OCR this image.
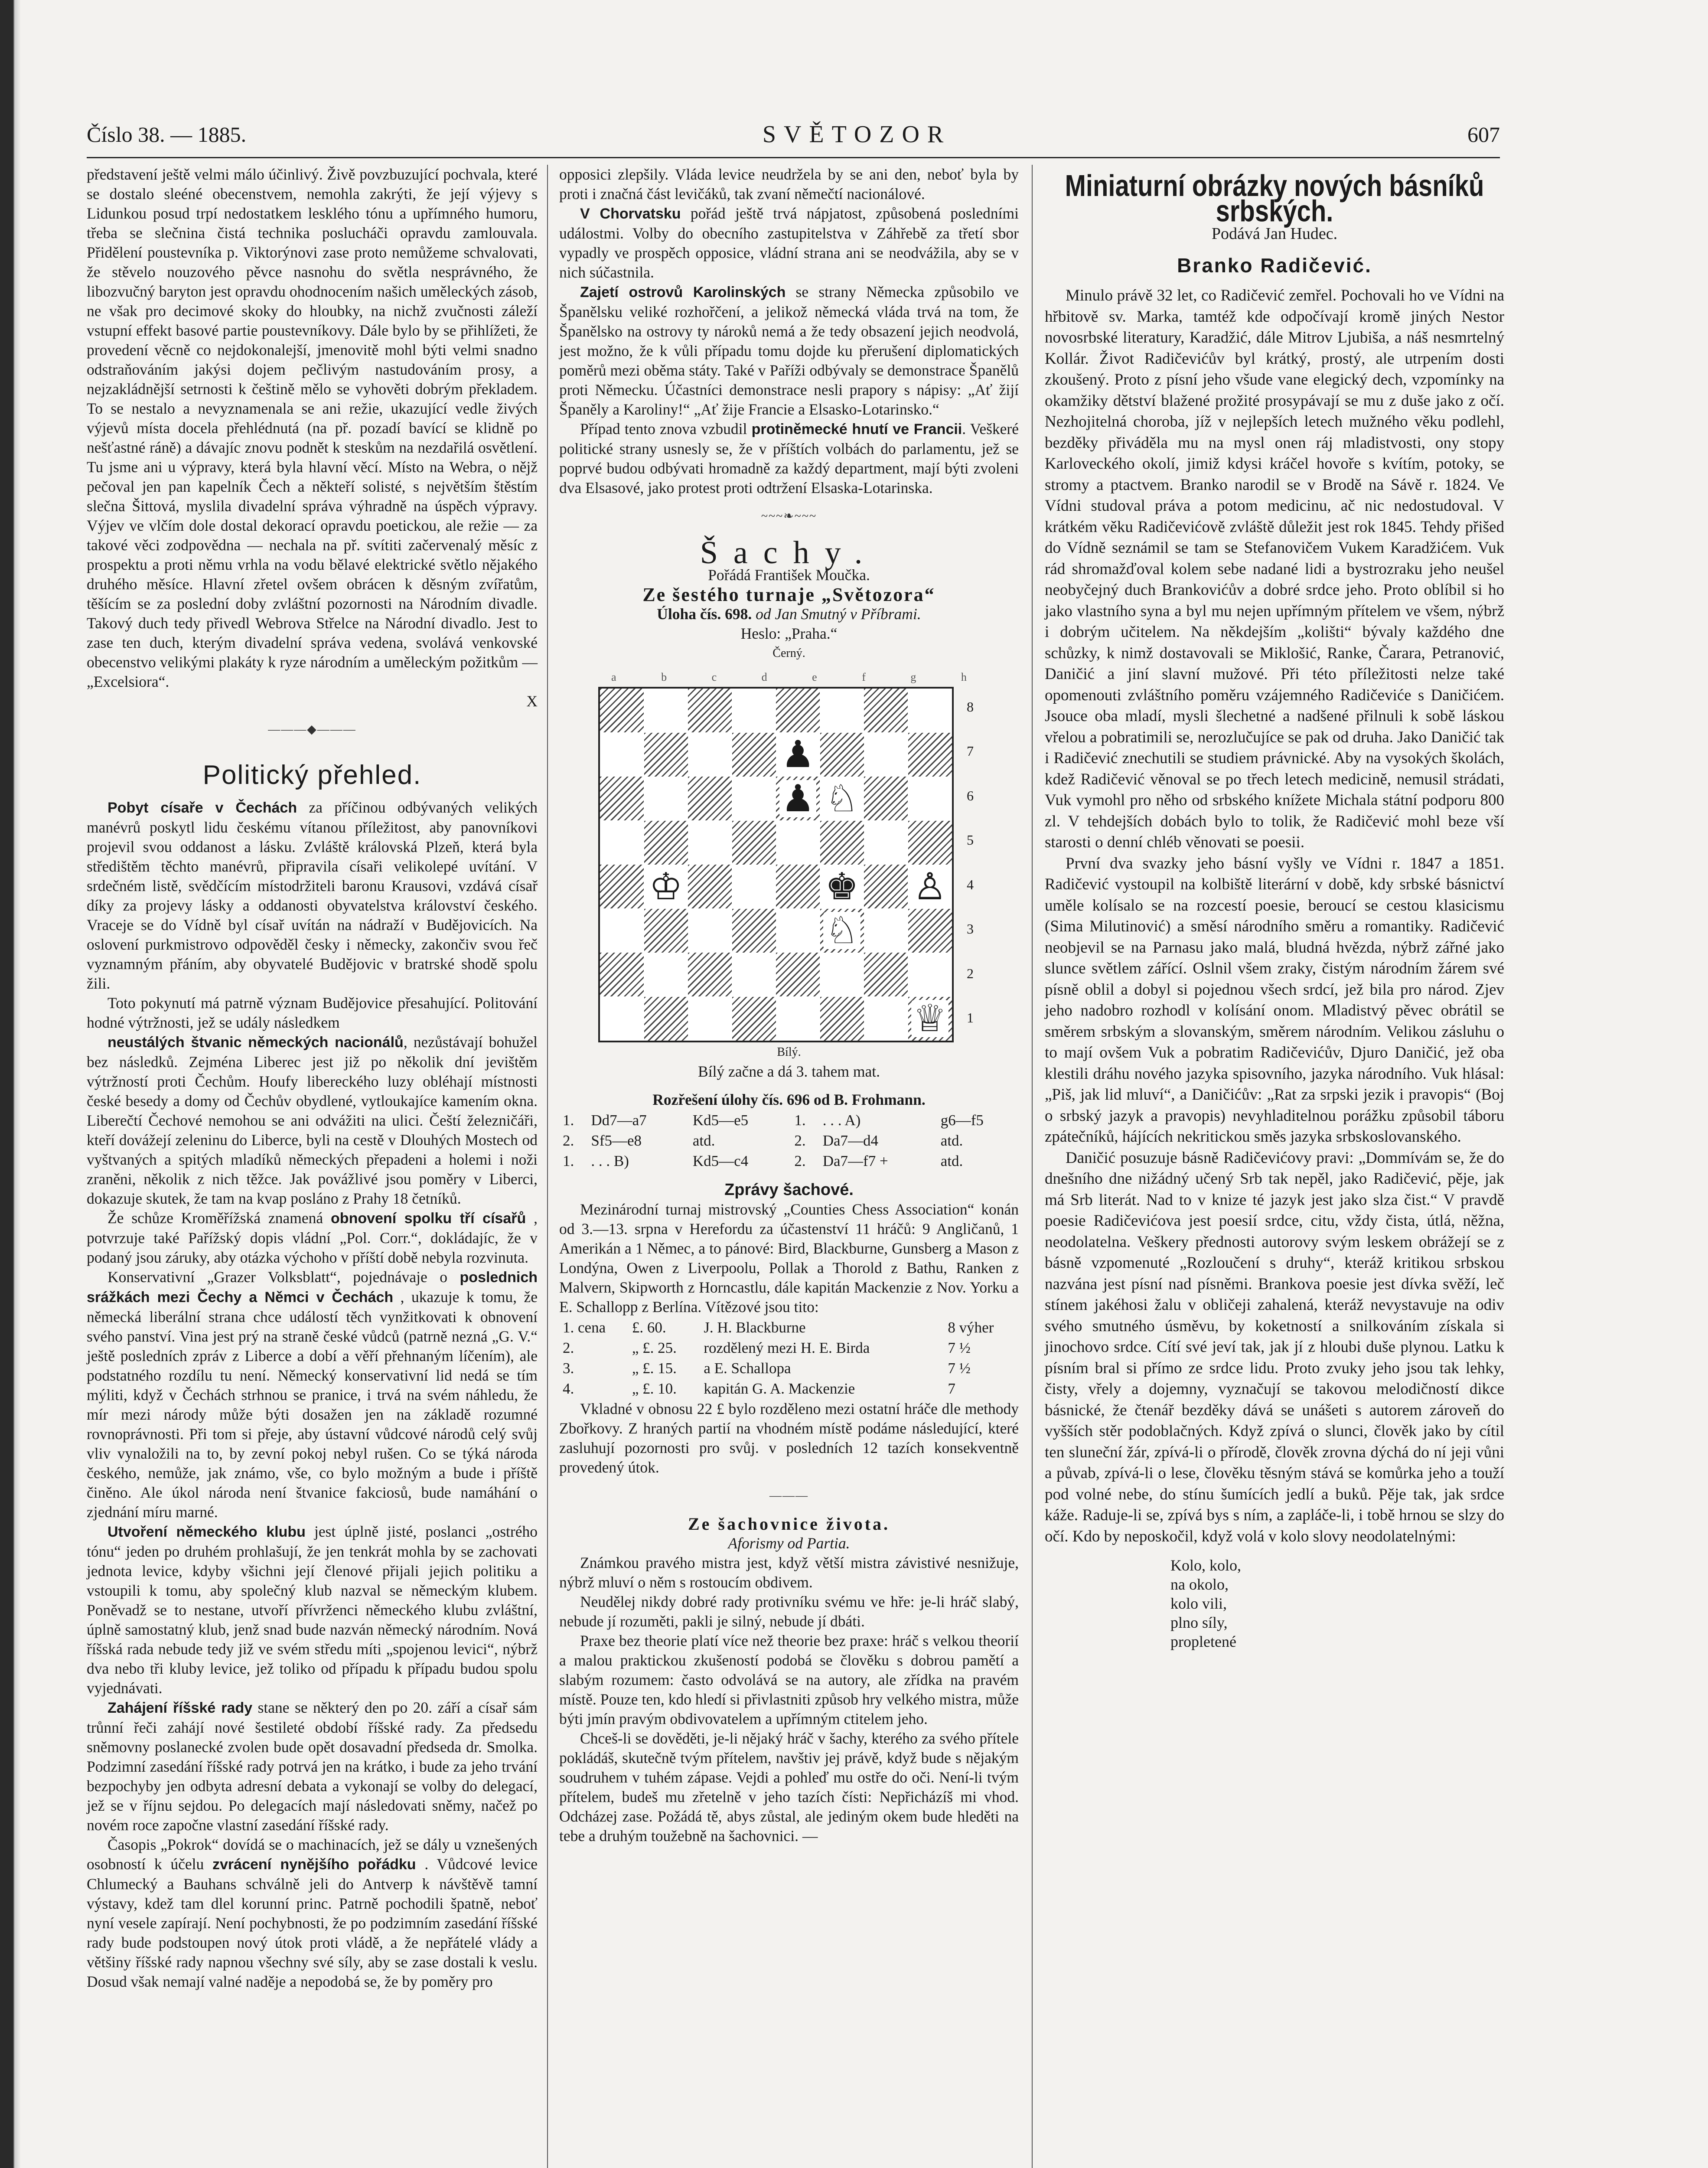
Číslo 38. — 1885.	SVĚTOZOR	607

představení ještě velmi málo účinlivý. Živě povzbuzující pochvala, které se dostalo sleéné obecenstvem, nemohla zakrýti, že její výjevy s Lidunkou posud trpí nedostatkem lesklého tónu a upřímného humoru, třeba se slečnina čistá technika poslucháči opravdu zamlouvala. Přidělení poustevníka p. Viktorýnovi zase proto nemůžeme schvalovati, že stěvelo nouzového pěvce nasnohu do světla nesprávného, že libozvučný baryton jest opravdu ohodnocením našich uměleckých zásob, ne však pro decimové skoky do hloubky, na nichž zvučnosti záleží vstupní effekt basové partie poustevníkovy. Dále bylo by se přihlížeti, že provedení věcně co nejdokonalejší, jmenovitě mohl býti velmi snadno odstraňováním jakýsi dojem pečlivým nastudováním prosy, a nejzakládnější setrnosti k češtině mělo se vyhověti dobrým překladem. To se nestalo a nevyznamenala se ani režie, ukazující vedle živých výjevů místa docela přehlédnutá (na př. pozadí bavící se klidně po nešťastné ráně) a dávajíc znovu podnět k steskům na nezdařilá osvětlení. Tu jsme ani u výpravy, která byla hlavní věcí. Místo na Webra, o nějž pečoval jen pan kapelník Čech a někteří solisté, s největším štěstím slečna Šittová, myslila divadelní správa výhradně na úspěch výpravy. Výjev ve vlčím dole dostal dekorací opravdu poetickou, ale režie — za takové věci zodpovědna — nechala na př. svítiti začervenalý měsíc z prospektu a proti němu vrhla na vodu bělavé elektrické světlo nějakého druhého měsíce. Hlavní zřetel ovšem obrácen k děsným zvířatům, těšícím se za poslední doby zvláštní pozornosti na Národním divadle. Takový duch tedy přivedl Webrova Střelce na Národní divadlo. Jest to zase ten duch, kterým divadelní správa vedena, svolává venkovské obecenstvo velikými plakáty k ryze národním a uměleckým požitkům — „Excelsiora“.

X
———◆———
Politický přehled.

Pobyt císaře v Čechách za příčinou odbývaných velikých manévrů poskytl lidu českému vítanou příležitost, aby panovníkovi projevil svou oddanost a lásku. Zvláště královská Plzeň, která byla středištěm těchto manévrů, připravila císaři velikolepé uvítání. V srdečném listě, svědčícím místodržiteli baronu Krausovi, vzdává císař díky za projevy lásky a oddanosti obyvatelstva království českého. Vraceje se do Vídně byl císař uvítán na nádraží v Budějovicích. Na oslovení purkmistrovo odpověděl česky i německy, zakončiv svou řeč vyznamným přáním, aby obyvatelé Budějovic v bratrské shodě spolu žili.

Toto pokynutí má patrně význam Budějovice přesahující. Politování hodné výtržnosti, jež se udály následkem

neustálých štvanic německých nacionálů, nezůstávají bohužel bez následků. Zejména Liberec jest již po několik dní jevištěm výtržností proti Čechům. Houfy libereckého luzy obléhají místnosti české besedy a domy od Čechův obydlené, vytloukajíce kamením okna. Liberečtí Čechové nemohou se ani odvážiti na ulici. Čeští železničáři, kteří dovážejí zeleninu do Liberce, byli na cestě v Dlouhých Mostech od vyštvaných a spitých mladíků německých přepadeni a holemi i noži zraněni, několik z nich těžce. Jak povážlivé jsou poměry v Liberci, dokazuje skutek, že tam na kvap posláno z Prahy 18 četníků.

Že schůze Kroměřížská znamená obnovení spolku tří císařů , potvrzuje také Pařížský dopis vládní „Pol. Corr.“, dokládajíc, že v podaný jsou záruky, aby otázka výchoho v příští době nebyla rozvinuta.

Konservativní „Grazer Volksblatt“, pojednávaje o poslednich srážkách mezi Čechy a Němci v Čechách , ukazuje k tomu, že německá liberální strana chce událostí těch vynžitkovati k obnovení svého panství. Vina jest prý na straně české vůdců (patrně nezná „G. V.“ ještě posledních zpráv z Liberce a dobí a věří přehnaným líčením), ale podstatného rozdílu tu není. Německý konservativní lid nedá se tím mýliti, když v Čechách strhnou se pranice, i trvá na svém náhledu, že mír mezi národy může býti dosažen jen na základě rozumné rovnoprávnosti. Při tom si přeje, aby ústavní vůdcové národů celý svůj vliv vynaložili na to, by zevní pokoj nebyl rušen. Co se týká národa českého, nemůže, jak známo, vše, co bylo možným a bude i příště činěno. Ale úkol národa není štvanice fakciosů, bude namáhání o zjednání míru marné.

Utvoření německého klubu jest úplně jisté, poslanci „ostrého tónu“ jeden po druhém prohlašují, že jen tenkrát mohla by se zachovati jednota levice, kdyby všichni její členové přijali jejich politiku a vstoupili k tomu, aby společný klub nazval se německým klubem. Poněvadž se to nestane, utvoří přívrženci německého klubu zvláštní, úplně samostatný klub, jenž snad bude nazván německý národním. Nová říšská rada nebude tedy již ve svém středu míti „spojenou levici“, nýbrž dva nebo tři kluby levice, jež toliko od případu k případu budou spolu vyjednávati.

Zahájení říšské rady stane se některý den po 20. září a císař sám trůnní řeči zahájí nové šestileté období říšské rady. Za předsedu sněmovny poslanecké zvolen bude opět dosavadní předseda dr. Smolka. Podzimní zasedání říšské rady potrvá jen na krátko, i bude za jeho trvání bezpochyby jen odbyta adresní debata a vykonají se volby do delegací, jež se v říjnu sejdou. Po delegacích mají následovati sněmy, načež po novém roce započne vlastní zasedání říšské rady.

Časopis „Pokrok“ dovídá se o machinacích, jež se dály u vznešených osobností k účelu zvrácení nynějšího pořádku . Vůdcové levice Chlumecký a Bauhans schválně jeli do Antverp k návštěvě tamní výstavy, kdež tam dlel korunní princ. Patrně pochodili špatně, neboť nyní vesele zapírají. Není pochybnosti, že po podzimním zasedání říšské rady bude podstoupen nový útok proti vládě, a že nepřátelé vlády a většiny říšské rady napnou všechny své síly, aby se zase dostali k veslu. Dosud však nemají valné naděje a nepodobá se, že by poměry pro

opposici zlepšily. Vláda levice neudržela by se ani den, neboť byla by proti i značná část levičáků, tak zvaní němečtí nacionálové.

V Chorvatsku pořád ještě trvá nápjatost, způsobená posledními událostmi. Volby do obecního zastupitelstva v Záhřebě za třetí sbor vypadly ve prospěch opposice, vládní strana ani se neodvážila, aby se v nich súčastnila.

Zajetí ostrovů Karolinských se strany Německa způsobilo ve Španělsku veliké rozhořčení, a jelikož německá vláda trvá na tom, že Španělsko na ostrovy ty nároků nemá a že tedy obsazení jejich neodvolá, jest možno, že k vůli případu tomu dojde ku přerušení diplomatických poměrů mezi oběma státy. Také v Paříži odbývaly se demonstrace Španělů proti Německu. Účastníci demonstrace nesli prapory s nápisy: „Ať žijí Španěly a Karoliny!“ „Ať žije Francie a Elsasko-Lotarinsko.“

Případ tento znova vzbudil protiněmecké hnutí ve Francii. Veškeré politické strany usnesly se, že v příštích volbách do parlamentu, jež se poprvé budou odbývati hromadně za každý department, mají býti zvoleni dva Elsasové, jako protest proti odtržení Elsaska-Lotarinska.

~~~❧~~~
Šachy.
Pořádá František Moučka.
Ze šestého turnaje „Světozora“
Úloha čís. 698. od Jan Smutný v Příbrami.
Heslo: „Praha.“
Černý.
a	b	c	d	e	f	g	h
♟
♟ ♘
♔	♚ ♙
♘
♕
8
7
6
5
4
3
2
1
Bílý.
Bílý začne a dá 3. tahem mat.
Rozřešení úlohy čís. 696 od B. Frohmann.
1.	Dd7—a7	Kd5—e5	1.	. . . A)	g6—f5
2.	Sf5—e8	atd.	2.	Da7—d4	atd.
1.	. . . B)	Kd5—c4	2.	Da7—f7 +	atd.
Zprávy šachové.

Mezinárodní turnaj mistrovský „Counties Chess Association“ konán od 3.—13. srpna v Herefordu za účastenství 11 hráčů: 9 Angličanů, 1 Amerikán a 1 Němec, a to pánové: Bird, Blackburne, Gunsberg a Mason z Londýna, Owen z Liverpoolu, Pollak a Thorold z Bathu, Ranken z Malvern, Skipworth z Horncastlu, dále kapitán Mackenzie z Nov. Yorku a E. Schallopp z Berlína. Vítězové jsou tito:

1. cena	£. 60.	J. H. Blackburne	8 výher
2.	„ £. 25.	rozdělený mezi H. E. Birda	7 ½
3.	„ £. 15.	a E. Schallopa	7 ½
4.	„ £. 10.	kapitán G. A. Mackenzie	7

Vkladné v obnosu 22 £ bylo rozděleno mezi ostatní hráče dle methody Zbořkovy. Z hraných partií na vhodném místě podáme následující, které zasluhují pozornosti pro svůj. v posledních 12 tazích konsekventně provedený útok.

———
Ze šachovnice života.
Aforismy od Partia.

Známkou pravého mistra jest, když větší mistra závistivé nesnižuje, nýbrž mluví o něm s rostoucím obdivem.

Neudělej nikdy dobré rady protivníku svému ve hře: je-li hráč slabý, nebude jí rozuměti, pakli je silný, nebude jí dbáti.

Praxe bez theorie platí více než theorie bez praxe: hráč s velkou theorií a malou praktickou zkušeností podobá se člověku s dobrou pamětí a slabým rozumem: často odvolává se na autory, ale zřídka na pravém místě. Pouze ten, kdo hledí si přivlastniti způsob hry velkého mistra, může býti jmín pravým obdivovatelem a upřímným ctitelem jeho.

Chceš-li se dověděti, je-li nějaký hráč v šachy, kterého za svého přítele pokládáš, skutečně tvým přítelem, navštiv jej právě, když bude s nějakým soudruhem v tuhém zápase. Vejdi a pohleď mu ostře do oči. Není-li tvým přítelem, budeš mu zřetelně v jeho tazích čísti: Nepřicházíš mi vhod. Odcházej zase. Požádá tě, abys zůstal, ale jediným okem bude hleděti na tebe a druhým toužebně na šachovnici. —

Miniaturní obrázky nových básníků srbských.
Podává Jan Hudec.
Branko Radičević.

Minulo právě 32 let, co Radičević zemřel. Pochovali ho ve Vídni na hřbitově sv. Marka, tamtéž kde odpočívají kromě jiných Nestor novosrbské literatury, Karadžić, dále Mitrov Ljubiša, a náš nesmrtelný Kollár. Život Radičevićův byl krátký, prostý, ale utrpením dosti zkoušený. Proto z písní jeho všude vane elegický dech, vzpomínky na okamžiky dětství blažené prožité prosypávají se mu z duše jako z očí. Nezhojitelná choroba, jíž v nejlepších letech mužného věku podlehl, bezděky přiváděla mu na mysl onen ráj mladistvosti, ony stopy Karloveckého okolí, jimiž kdysi kráčel hovoře s kvítím, potoky, se stromy a ptactvem. Branko narodil se v Brodě na Sávě r. 1824. Ve Vídni studoval práva a potom medicinu, ač nic nedostudoval. V krátkém věku Radičevićově zvláště důležit jest rok 1845. Tehdy přišed do Vídně seznámil se tam se Stefanovičem Vukem Karadžićem. Vuk rád shromažďoval kolem sebe nadané lidi a bystrozraku jeho neušel neobyčejný duch Brankovićův a dobré srdce jeho. Proto oblíbil si ho jako vlastního syna a byl mu nejen upřímným přítelem ve všem, nýbrž i dobrým učitelem. Na někdejším „kolišti“ bývaly každého dne schůzky, k nimž dostavovali se Miklošić, Ranke, Čarara, Petranović, Daničić a jiní slavní mužové. Při této příležitosti nelze také opomenouti zvláštního poměru vzájemného Radičeviće s Daničićem. Jsouce oba mladí, mysli šlechetné a nadšené přilnuli k sobě láskou vřelou a pobratimili se, nerozlučujíce se pak od druha. Jako Daničić tak i Radičević znechutili se studiem právnické. Aby na vysokých školách, kdež Radičević věnoval se po třech letech medicině, nemusil strádati, Vuk vymohl pro něho od srbského knížete Michala státní podporu 800 zl. V tehdejších dobách bylo to tolik, že Radičević mohl beze vší starosti o denní chléb věnovati se poesii.

První dva svazky jeho básní vyšly ve Vídni r. 1847 a 1851. Radičević vystoupil na kolbiště literární v době, kdy srbské básnictví uměle kolísalo se na rozcestí poesie, beroucí se cestou klasicismu (Sima Milutinović) a směsí národního směru a romantiky. Radičević neobjevil se na Parnasu jako malá, bludná hvězda, nýbrž zářné jako slunce světlem zářící. Oslnil všem zraky, čistým národním žárem své písně oblil a dobyl si pojednou všech srdcí, jež bila pro národ. Zjev jeho nadobro rozhodl v kolísání onom. Mladistvý pěvec obrátil se směrem srbským a slovanským, směrem národním. Velikou zásluhu o to mají ovšem Vuk a pobratim Radičevićův, Djuro Daničić, jež oba klestili dráhu nového jazyka spisovního, jazyka národního. Vuk hlásal: „Piš, jak lid mluví“, a Daničićův: „Rat za srpski jezik i pravopis“ (Boj o srbský jazyk a pravopis) nevyhladitelnou porážku způsobil táboru zpátečníků, hájících nekritickou směs jazyka srbskoslovanského.

Daničić posuzuje básně Radičevićovy pravi: „Dommívám se, že do dnešního dne nižádný učený Srb tak nepěl, jako Radičević, pěje, jak má Srb literát. Nad to v knize té jazyk jest jako slza čist.“ V pravdě poesie Radičevićova jest poesií srdce, citu, vždy čista, útlá, něžna, neodolatelna. Veškery přednosti autorovy svým leskem obrážejí se z básně vzpomenuté „Rozloučení s druhy“, kteráž kritikou srbskou nazvána jest písní nad písněmi. Brankova poesie jest dívka svěží, leč stínem jakéhosi žalu v obličeji zahalená, kteráž nevystavuje na odiv svého smutného úsměvu, by koketností a snilkováním získala si jinochovo srdce. Cítí své jeví tak, jak jí z hloubi duše plynou. Latku k písním bral si přímo ze srdce lidu. Proto zvuky jeho jsou tak lehky, čisty, vřely a dojemny, vyznačují se takovou melodičností dikce básnické, že čtenář bezděky dává se unášeti s autorem zároveň do vyšších stěr podoblačných. Když zpívá o slunci, člověk jako by cítil ten sluneční žár, zpívá-li o přírodě, člověk zrovna dýchá do ní jeji vůni a půvab, zpívá-li o lese, člověku těsným stává se komůrka jeho a touží pod volné nebe, do stínu šumících jedlí a buků. Pěje tak, jak srdce káže. Raduje-li se, zpívá bys s ním, a zapláče-li, i tobě hrnou se slzy do očí. Kdo by neposkočil, když volá v kolo slovy neodolatelnými:

Kolo, kolo,
na okolo,
kolo vili,
plno síly,
propletené
